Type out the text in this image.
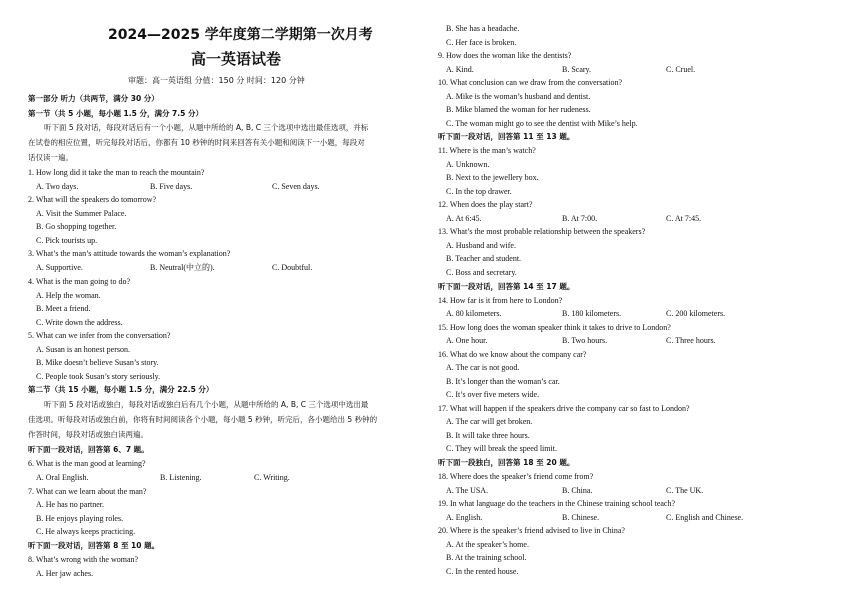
2024—2025 学年度第二学期第一次月考
高一英语试卷
审题：高一英语组 分值：150 分 时间：120 分钟
第一部分 听力（共两节，满分 30 分）
第一节（共 5 小题，每小题 1.5 分，满分 7.5 分）
听下面 5 段对话，每段对话后有一个小题，从题中所给的 A, B, C 三个选项中选出最佳选项，并标
在试卷的相应位置，听完每段对话后，你都有 10 秒钟的时间来回答有关小题和阅读下一小题，每段对
话仅读一遍。
1. How long did it take the man to reach the mountain?
A. Two days.	B. Five days.	C. Seven days.
2. What will the speakers do tomorrow?
A. Visit the Summer Palace.
B. Go shopping together.
C. Pick tourists up.
3. What’s the man’s attitude towards the woman’s explanation?
A. Supportive.	B. Neutral(中立的).	C. Doubtful.
4. What is the man going to do?
A. Help the woman.
B. Meet a friend.
C. Write down the address.
5. What can we infer from the conversation?
A. Susan is an honest person.
B. Mike doesn’t believe Susan’s story.
C. People took Susan’s story seriously.
第二节（共 15 小题，每小题 1.5 分，满分 22.5 分）
听下面 5 段对话或独白，每段对话或独白后有几个小题，从题中所给的 A, B, C 三个选项中选出最
佳选项。听每段对话或独白前，你将有时间阅读各个小题，每小题 5 秒钟，听完后，各小题给出 5 秒钟的
作答时间，每段对话或独白读两遍。
听下面一段对话，回答第 6、7 题。
6. What is the man good at learning?
A. Oral English.	B. Listening.	C. Writing.
7. What can we learn about the man?
A. He has no partner.
B. He enjoys playing roles.
C. He always keeps practicing.
听下面一段对话，回答第 8 至 10 题。
8. What’s wrong with the woman?
A. Her jaw aches.
B. She has a headache.
C. Her face is broken.
9. How does the woman like the dentists?
A. Kind.	B. Scary.	C. Cruel.
10. What conclusion can we draw from the conversation?
A. Mike is the woman’s husband and dentist.
B. Mike blamed the woman for her rudeness.
C. The woman might go to see the dentist with Mike’s help.
听下面一段对话，回答第 11 至 13 题。
11. Where is the man’s watch?
A. Unknown.
B. Next to the jewellery box.
C. In the top drawer.
12. When does the play start?
A. At 6:45.	B. At 7:00.	C. At 7:45.
13. What’s the most probable relationship between the speakers?
A. Husband and wife.
B. Teacher and student.
C. Boss and secretary.
听下面一段对话，回答第 14 至 17 题。
14. How far is it from here to London?
A. 80 kilometers.	B. 180 kilometers.	C. 200 kilometers.
15. How long does the woman speaker think it takes to drive to London?
A. One hour.	B. Two hours.	C. Three hours.
16. What do we know about the company car?
A. The car is not good.
B. It’s longer than the woman’s car.
C. It’s over five meters wide.
17. What will happen if the speakers drive the company car so fast to London?
A. The car will get broken.
B. It will take three hours.
C. They will break the speed limit.
听下面一段独白，回答第 18 至 20 题。
18. Where does the speaker’s friend come from?
A. The USA.	B. China.	C. The UK.
19. In what language do the teachers in the Chinese training school teach?
A. English.	B. Chinese.	C. English and Chinese.
20. Where is the speaker’s friend advised to live in China?
A. At the speaker’s home.
B. At the training school.
C. In the rented house.
